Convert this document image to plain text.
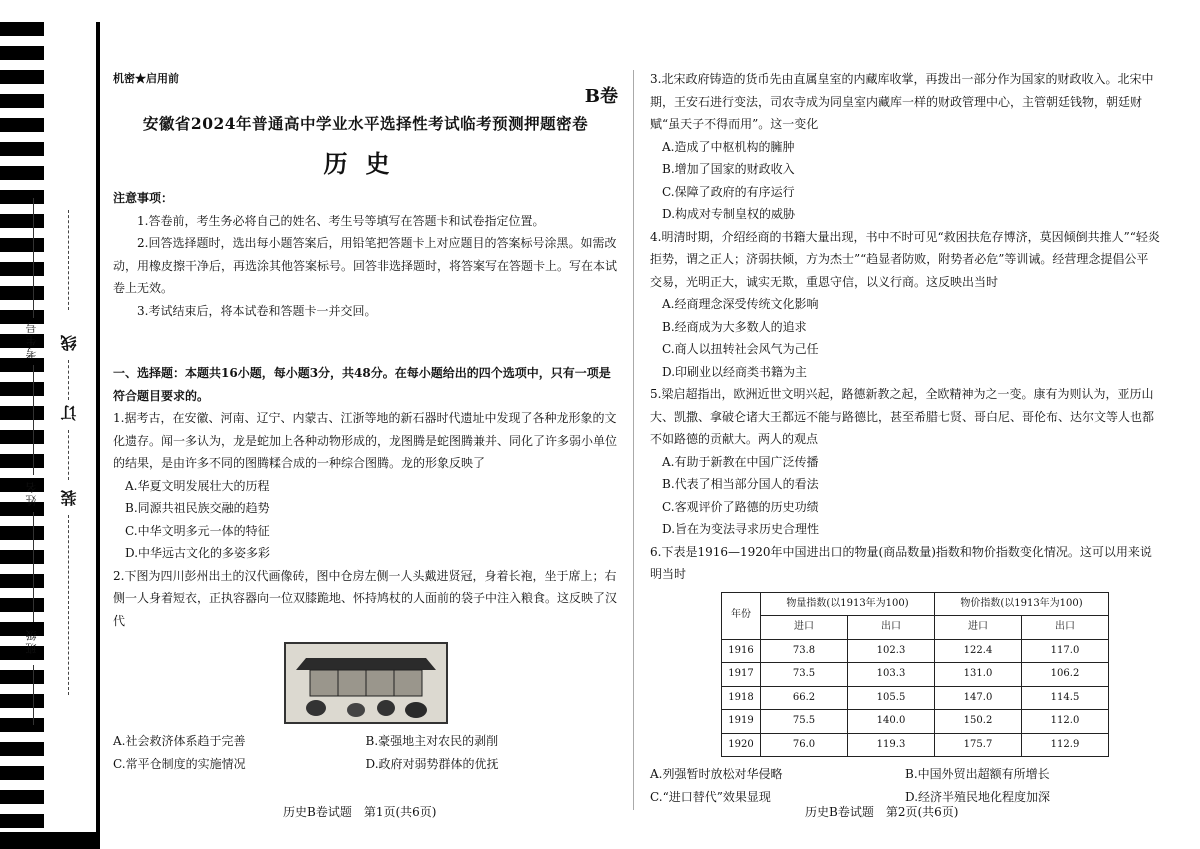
考生号
姓名
班级
线
订
装

机密★启用前

B卷

安徽省2024年普通高中学业水平选择性考试临考预测押题密卷

历史

注意事项：

1.答卷前，考生务必将自己的姓名、考生号等填写在答题卡和试卷指定位置。

2.回答选择题时，选出每小题答案后，用铅笔把答题卡上对应题目的答案标号涂黑。如需改动，用橡皮擦干净后，再选涂其他答案标号。回答非选择题时，将答案写在答题卡上。写在本试卷上无效。

3.考试结束后，将本试卷和答题卡一并交回。

一、选择题：本题共16小题，每小题3分，共48分。在每小题给出的四个选项中，只有一项是符合题目要求的。

1.据考古，在安徽、河南、辽宁、内蒙古、江浙等地的新石器时代遗址中发现了各种龙形象的文化遗存。闻一多认为，龙是蛇加上各种动物形成的，龙图腾是蛇图腾兼并、同化了许多弱小单位的结果，是由许多不同的图腾糅合成的一种综合图腾。龙的形象反映了

A.华夏文明发展壮大的历程

B.同源共祖民族交融的趋势

C.中华文明多元一体的特征

D.中华远古文化的多姿多彩

2.下图为四川彭州出土的汉代画像砖，图中仓房左侧一人头戴进贤冠，身着长袍，坐于席上；右侧一人身着短衣，正执容器向一位双膝跪地、怀持鸠杖的人面前的袋子中注入粮食。这反映了汉代

A.社会救济体系趋于完善	B.豪强地主对农民的剥削
C.常平仓制度的实施情况	D.政府对弱势群体的优抚
历史B卷试题　第1页(共6页)

3.北宋政府铸造的货币先由直属皇室的内藏库收掌，再拨出一部分作为国家的财政收入。北宋中期，王安石进行变法，司农寺成为同皇室内藏库一样的财政管理中心，主管朝廷钱物，朝廷财赋“虽天子不得而用”。这一变化

A.造成了中枢机构的臃肿

B.增加了国家的财政收入

C.保障了政府的有序运行

D.构成对专制皇权的威胁

4.明清时期，介绍经商的书籍大量出现，书中不时可见“救困扶危存博济，莫因倾倒共推人”“轻炎拒势，谓之正人；济弱扶倾，方为杰士”“趋显者防败，附势者必危”等训诫。经营理念提倡公平交易，光明正大，诚实无欺，重恩守信，以义行商。这反映出当时

A.经商理念深受传统文化影响

B.经商成为大多数人的追求

C.商人以扭转社会风气为己任

D.印刷业以经商类书籍为主

5.梁启超指出，欧洲近世文明兴起，路德新教之起，全欧精神为之一变。康有为则认为，亚历山大、凯撒、拿破仑诸大王都远不能与路德比，甚至希腊七贤、哥白尼、哥伦布、达尔文等人也都不如路德的贡献大。两人的观点

A.有助于新教在中国广泛传播

B.代表了相当部分国人的看法

C.客观评价了路德的历史功绩

D.旨在为变法寻求历史合理性

6.下表是1916—1920年中国进出口的物量(商品数量)指数和物价指数变化情况。这可以用来说明当时

年份	物量指数(以1913年为100)		物价指数(以1913年为100)	
	进口	出口	进口	出口
1916	73.8	102.3	122.4	117.0
1917	73.5	103.3	131.0	106.2
1918	66.2	105.5	147.0	114.5
1919	75.5	140.0	150.2	112.0
1920	76.0	119.3	175.7	112.9
A.列强暂时放松对华侵略	B.中国外贸出超额有所增长
C.“进口替代”效果显现	D.经济半殖民地化程度加深
历史B卷试题　第2页(共6页)
